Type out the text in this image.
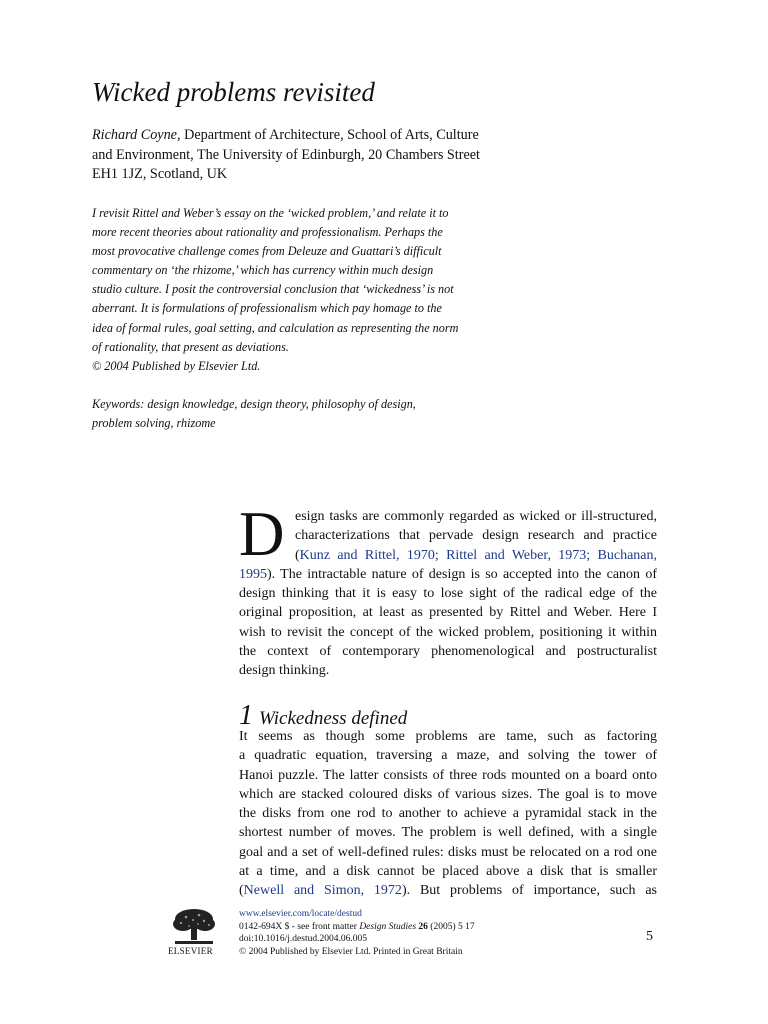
Wicked problems revisited
Richard Coyne, Department of Architecture, School of Arts, Culture
and Environment, The University of Edinburgh, 20 Chambers Street
EH1 1JZ, Scotland, UK

I revisit Rittel and Weber’s essay on the ‘wicked problem,’ and relate it to

more recent theories about rationality and professionalism. Perhaps the

most provocative challenge comes from Deleuze and Guattari’s difficult

commentary on ‘the rhizome,’ which has currency within much design

studio culture. I posit the controversial conclusion that ‘wickedness’ is not

aberrant. It is formulations of professionalism which pay homage to the

idea of formal rules, goal setting, and calculation as representing the norm

of rationality, that present as deviations.

© 2004 Published by Elsevier Ltd.

Keywords: design knowledge, design theory, philosophy of design,
problem solving, rhizome
D esign tasks are commonly regarded as wicked or ill-structured,
characterizations that pervade design research and practice
(Kunz and Rittel, 1970; Rittel and Weber, 1973; Buchanan,
1995). The intractable nature of design is so accepted into the canon of
design thinking that it is easy to lose sight of the radical edge of the
original proposition, at least as presented by Rittel and Weber. Here I
wish to revisit the concept of the wicked problem, positioning it within
the context of contemporary phenomenological and postructuralist
design thinking.
1 Wickedness defined
It seems as though some problems are tame, such as factoring
a quadratic equation, traversing a maze, and solving the tower of
Hanoi puzzle. The latter consists of three rods mounted on a board onto
which are stacked coloured disks of various sizes. The goal is to move
the disks from one rod to another to achieve a pyramidal stack in the
shortest number of moves. The problem is well defined, with a single
goal and a set of well-defined rules: disks must be relocated on a rod one
at a time, and a disk cannot be placed above a disk that is smaller
(Newell and Simon, 1972). But problems of importance, such as
ELSEVIER
www.elsevier.com/locate/destud
0142-694X $ - see front matter Design Studies 26 (2005) 5 17
doi:10.1016/j.destud.2004.06.005
© 2004 Published by Elsevier Ltd. Printed in Great Britain
5
